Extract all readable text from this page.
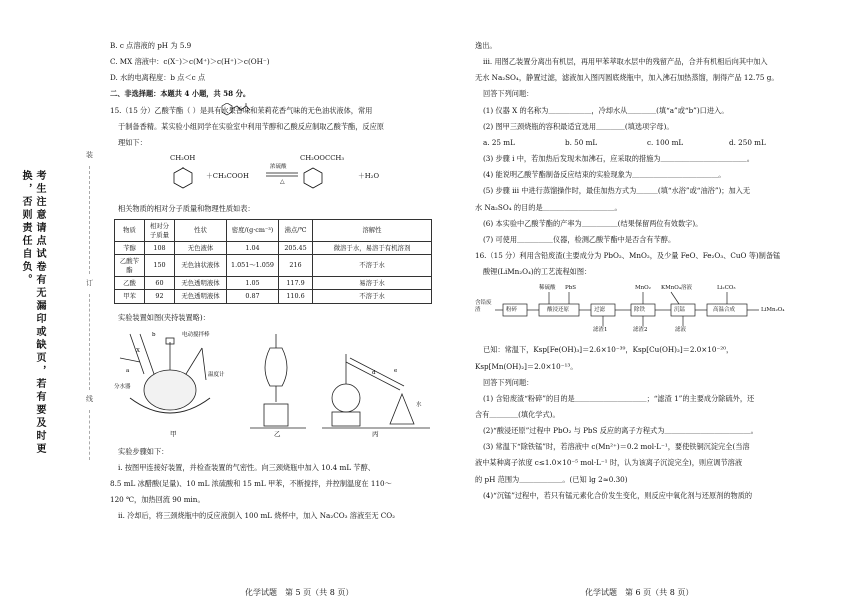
考生注意请点试卷有无漏印或缺页，若有要及时更换，否则责任自负。
装
订
线
B. c 点溶液的 pH 为 5.9
C. MX 溶液中：c(X⁻)＞c(M⁺)＞c(H⁺)＞c(OH⁻)
D. 水的电离程度：b 点＜c 点
二、非选择题：本题共 4 小题，共 58 分。
15.（15 分）乙酸苄酯（ ）是具有水果香味和茉莉花香气味的无色油状液体，常用
于制备香精。某实验小组同学在实验室中利用苄醇和乙酸反应制取乙酸苄酯，反应原
理如下：
CH₂OH
＋CH₃COOH
浓硫酸
△
CH₂OOCCH₃
＋H₂O
相关物质的相对分子质量和物理性质如表：
物质	相对分子质量	性状	密度/(g·cm⁻³)	沸点/℃	溶解性
苄醇	108	无色液体	1.04	205.45	微溶于水，易溶于有机溶剂
乙酸苄酯	150	无色油状液体	1.051～1.059	216	不溶于水
乙酸	60	无色透明液体	1.05	117.9	易溶于水
甲苯	92	无色透明液体	0.87	110.6	不溶于水
实验装置如图(夹持装置略)：
b
X
a
电动搅拌棒
分水器
温度计
甲	乙	丙
d	e
水
实验步骤如下：
i. 按图甲连接好装置，并检查装置的气密性。向三颈烧瓶中加入 10.4 mL 苄醇、
8.5 mL 冰醋酸(足量)、10 mL 浓硫酸和 15 mL 甲苯，不断搅拌，并控制温度在 110～
120 ℃，加热回流 90 min。
ii. 冷却后，将三颈烧瓶中的反应液倒入 100 mL 烧杯中，加入 Na₂CO₃ 溶液至无 CO₂
化学试题　第 5 页（共 8 页）
逸出。
iii. 用图乙装置分离出有机层，再用甲苯萃取水层中的残留产品，合并有机相后向其中加入
无水 Na₂SO₄，静置过滤，滤液加入图丙圆底烧瓶中，加入沸石加热蒸馏，制得产品 12.75 g。
回答下列问题：
(1) 仪器 X 的名称为＿＿＿＿＿＿，冷却水从＿＿＿＿(填“a”或“b”)口进入。
(2) 图甲三颈烧瓶的容积最适宜选用＿＿＿＿(填选项字母)。
a. 25 mL	b. 50 mL	c. 100 mL	d. 250 mL
(3) 步骤 i 中，若加热后发现未加沸石，应采取的措施为＿＿＿＿＿＿＿＿＿＿＿＿。
(4) 能说明乙酸苄酯制备反应结束的实验现象为＿＿＿＿＿＿＿＿＿＿＿＿。
(5) 步骤 iii 中进行蒸馏操作时，最佳加热方式为＿＿＿(填“水浴”或“油浴”)；加入无
水 Na₂SO₄ 的目的是＿＿＿＿＿＿＿＿＿＿。
(6) 本实验中乙酸苄酯的产率为＿＿＿＿＿(结果保留两位有效数字)。
(7) 可使用＿＿＿＿＿仪器，检测乙酸苄酯中是否含有苄醇。
16.（15 分）利用含铅废渣(主要成分为 PbO₂、MnO₂，及少量 FeO、Fe₂O₃、CuO 等)制备锰
酸锂(LiMn₂O₄)的工艺流程如图：
含铅废渣
稀硫酸 PbS	MnO₂ KMnO₄溶液	Li₂CO₃
粉碎	酸浸还原	过滤	除铁	沉锰	高温合成	LiMn₂O₄
滤渣1	滤渣2	滤液
已知：常温下，Ksp[Fe(OH)₃]＝2.6×10⁻³⁹，Ksp[Cu(OH)₂]＝2.0×10⁻²⁰，
Ksp[Mn(OH)₂]＝2.0×10⁻¹³。
回答下列问题：
(1) 含铅废渣“粉碎”的目的是＿＿＿＿＿＿＿＿＿＿；“滤渣 1”的主要成分除硫外，还
含有＿＿＿＿(填化学式)。
(2)“酸浸还原”过程中 PbO₂ 与 PbS 反应的离子方程式为＿＿＿＿＿＿＿＿＿＿＿＿。
(3) 常温下“除铁锰”时，若溶液中 c(Mn²⁺)＝0.2 mol·L⁻¹，要使铁铜沉淀完全(当溶
液中某种离子浓度 c≤1.0×10⁻⁵ mol·L⁻¹ 时，认为该离子沉淀完全)，则应调节溶液
的 pH 范围为＿＿＿＿＿＿。(已知 lg 2≈0.30)
(4)“沉锰”过程中，若只有锰元素化合价发生变化，则反应中氧化剂与还原剂的物质的
化学试题　第 6 页（共 8 页）
